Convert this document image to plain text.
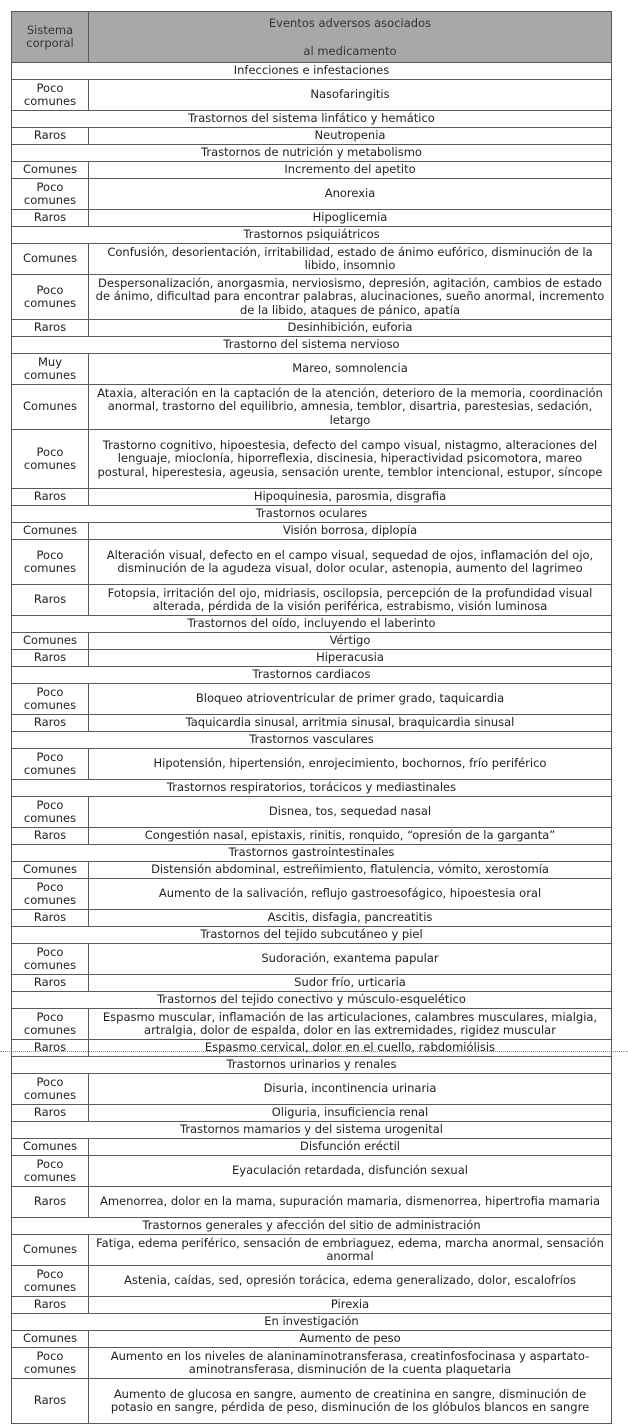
Sistema
corporal	Eventos adversos asociados

al medicamento
Infecciones e infestaciones	
Poco comunes	Nasofaringitis
Trastornos del sistema linfático y hemático	
Raros	Neutropenia
Trastornos de nutrición y metabolismo	
Comunes	Incremento del apetito
Poco comunes	Anorexia
Raros	Hipoglicemia
Trastornos psiquiátricos	
Comunes	Confusión, desorientación, irritabilidad, estado de ánimo eufórico, disminución de la libido, insomnio
Poco comunes	Despersonalización, anorgasmia, nerviosismo, depresión, agitación, cambios de estado de ánimo, dificultad para encontrar palabras, alucinaciones, sueño anormal, incremento de la libido, ataques de pánico, apatía
Raros	Desinhibición, euforia
Trastorno del sistema nervioso	
Muy comunes	Mareo, somnolencia
Comunes	Ataxia, alteración en la captación de la atención, deterioro de la memoria, coordinación anormal, trastorno del equilibrio, amnesia, temblor, disartria, parestesias, sedación, letargo
Poco comunes	Trastorno cognitivo, hipoestesia, defecto del campo visual, nistagmo, alteraciones del lenguaje, mioclonía, hiporreflexia, discinesia, hiperactividad psicomotora, mareo postural, hiperestesia, ageusia, sensación urente, temblor intencional, estupor, síncope
Raros	Hipoquinesia, parosmia, disgrafia
Trastornos oculares	
Comunes	Visión borrosa, diplopía
Poco comunes	Alteración visual, defecto en el campo visual, sequedad de ojos, inflamación del ojo, disminución de la agudeza visual, dolor ocular, astenopia, aumento del lagrimeo
Raros	Fotopsia, irritación del ojo, midriasis, oscilopsia, percepción de la profundidad visual alterada, pérdida de la visión periférica, estrabismo, visión luminosa
Trastornos del oído, incluyendo el laberinto	
Comunes	Vértigo
Raros	Hiperacusia
Trastornos cardiacos	
Poco comunes	Bloqueo atrioventricular de primer grado, taquicardia
Raros	Taquicardia sinusal, arritmia sinusal, braquicardia sinusal
Trastornos vasculares	
Poco comunes	Hipotensión, hipertensión, enrojecimiento, bochornos, frío periférico
Trastornos respiratorios, torácicos y mediastinales	
Poco comunes	Disnea, tos, sequedad nasal
Raros	Congestión nasal, epistaxis, rinitis, ronquido, “opresión de la garganta”
Trastornos gastrointestinales	
Comunes	Distensión abdominal, estreñimiento, flatulencia, vómito, xerostomía
Poco comunes	Aumento de la salivación, reflujo gastroesofágico, hipoestesia oral
Raros	Ascitis, disfagia, pancreatitis
Trastornos del tejido subcutáneo y piel	
Poco comunes	Sudoración, exantema papular
Raros	Sudor frío, urticaria
Trastornos del tejido conectivo y músculo-esquelético	
Poco comunes	Espasmo muscular, inflamación de las articulaciones, calambres musculares, mialgia, artralgia, dolor de espalda, dolor en las extremidades, rigidez muscular
Raros	Espasmo cervical, dolor en el cuello, rabdomiólisis
Trastornos urinarios y renales	
Poco comunes	Disuria, incontinencia urinaria
Raros	Oliguria, insuficiencia renal
Trastornos mamarios y del sistema urogenital	
Comunes	Disfunción eréctil
Poco comunes	Eyaculación retardada, disfunción sexual
Raros	Amenorrea, dolor en la mama, supuración mamaria, dismenorrea, hipertrofia mamaria
Trastornos generales y afección del sitio de administración	
Comunes	Fatiga, edema periférico, sensación de embriaguez, edema, marcha anormal, sensación anormal
Poco comunes	Astenia, caídas, sed, opresión torácica, edema generalizado, dolor, escalofríos
Raros	Pirexia
En investigación	
Comunes	Aumento de peso
Poco comunes	Aumento en los niveles de alaninaminotransferasa, creatinfosfocinasa y aspartato- aminotransferasa, disminución de la cuenta plaquetaria
Raros	Aumento de glucosa en sangre, aumento de creatinina en sangre, disminución de potasio en sangre, pérdida de peso, disminución de los glóbulos blancos en sangre
